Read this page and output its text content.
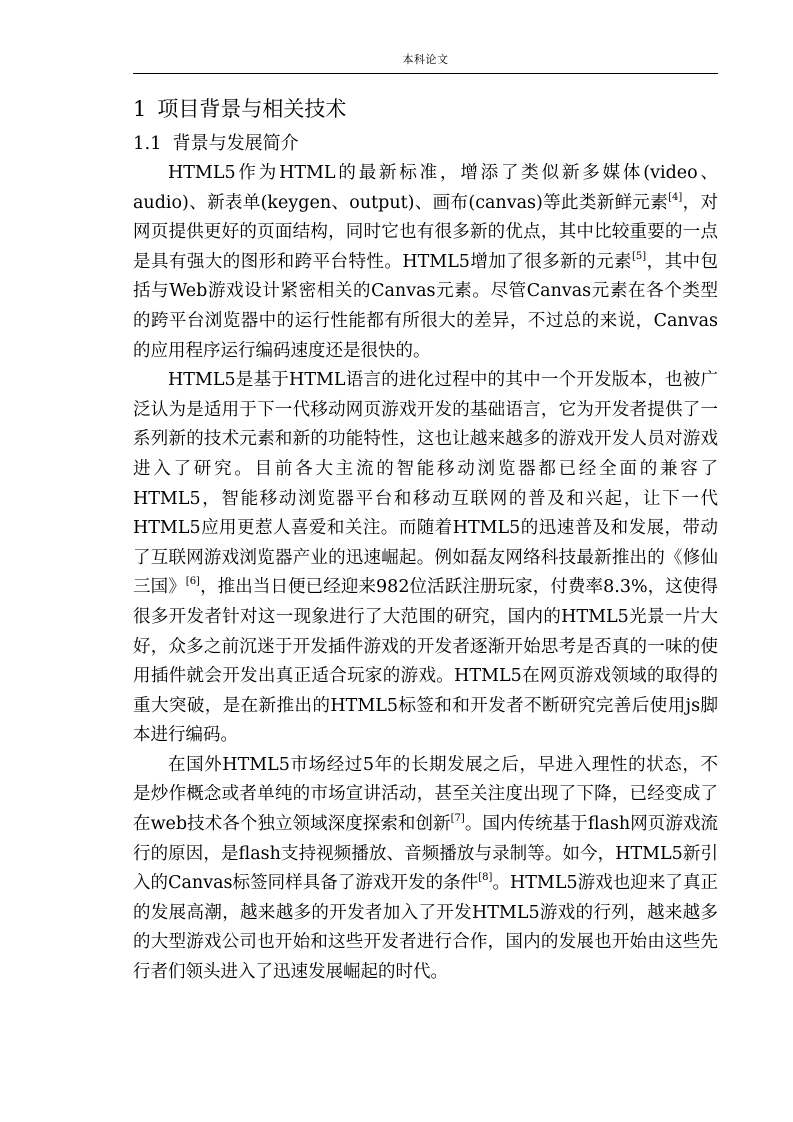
本科论文
1 项目背景与相关技术
1.1 背景与发展简介

HTML5作为HTML的最新标准，增添了类似新多媒体(video、audio)、新表单(keygen、output)、画布(canvas)等此类新鲜元素[4]，对网页提供更好的页面结构，同时它也有很多新的优点，其中比较重要的一点是具有强大的图形和跨平台特性。HTML5增加了很多新的元素[5]，其中包括与Web游戏设计紧密相关的Canvas元素。尽管Canvas元素在各个类型的跨平台浏览器中的运行性能都有所很大的差异，不过总的来说，Canvas的应用程序运行编码速度还是很快的。

HTML5是基于HTML语言的进化过程中的其中一个开发版本，也被广泛认为是适用于下一代移动网页游戏开发的基础语言，它为开发者提供了一系列新的技术元素和新的功能特性，这也让越来越多的游戏开发人员对游戏进入了研究。目前各大主流的智能移动浏览器都已经全面的兼容了HTML5，智能移动浏览器平台和移动互联网的普及和兴起，让下一代HTML5应用更惹人喜爱和关注。而随着HTML5的迅速普及和发展，带动了互联网游戏浏览器产业的迅速崛起。例如磊友网络科技最新推出的《修仙三国》[6]，推出当日便已经迎来982位活跃注册玩家，付费率8.3%，这使得很多开发者针对这一现象进行了大范围的研究，国内的HTML5光景一片大好，众多之前沉迷于开发插件游戏的开发者逐渐开始思考是否真的一味的使用插件就会开发出真正适合玩家的游戏。HTML5在网页游戏领域的取得的重大突破，是在新推出的HTML5标签和和开发者不断研究完善后使用js脚本进行编码。

在国外HTML5市场经过5年的长期发展之后，早进入理性的状态，不是炒作概念或者单纯的市场宣讲活动，甚至关注度出现了下降，已经变成了在web技术各个独立领域深度探索和创新[7]。国内传统基于flash网页游戏流行的原因，是flash支持视频播放、音频播放与录制等。如今，HTML5新引入的Canvas标签同样具备了游戏开发的条件[8]。HTML5游戏也迎来了真正的发展高潮，越来越多的开发者加入了开发HTML5游戏的行列，越来越多的大型游戏公司也开始和这些开发者进行合作，国内的发展也开始由这些先行者们领头进入了迅速发展崛起的时代。
